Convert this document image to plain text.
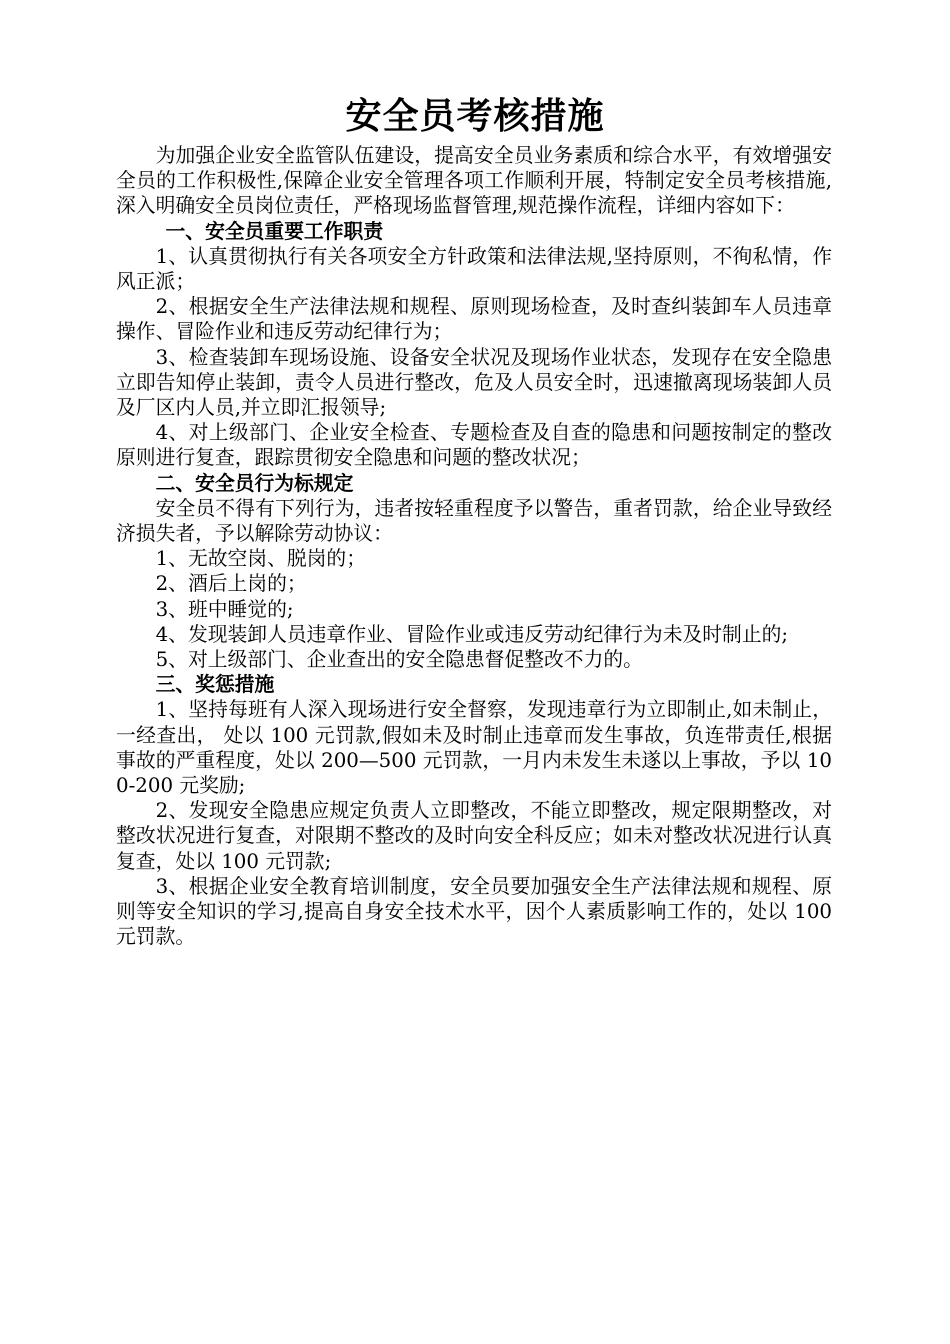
安全员考核措施

为加强企业安全监管队伍建设，提高安全员业务素质和综合水平，有效增强安全员的工作积极性,保障企业安全管理各项工作顺利开展，特制定安全员考核措施,深入明确安全员岗位责任，严格现场监督管理,规范操作流程，详细内容如下：

一、安全员重要工作职责

1、认真贯彻执行有关各项安全方针政策和法律法规,坚持原则，不徇私情，作风正派；

2、根据安全生产法律法规和规程、原则现场检查，及时查纠装卸车人员违章操作、冒险作业和违反劳动纪律行为；

3、检查装卸车现场设施、设备安全状况及现场作业状态，发现存在安全隐患立即告知停止装卸，责令人员进行整改，危及人员安全时，迅速撤离现场装卸人员及厂区内人员,并立即汇报领导;

4、对上级部门、企业安全检查、专题检查及自查的隐患和问题按制定的整改原则进行复查，跟踪贯彻安全隐患和问题的整改状况；

二、安全员行为标规定

安全员不得有下列行为，违者按轻重程度予以警告，重者罚款，给企业导致经济损失者，予以解除劳动协议：

1、无故空岗、脱岗的；

2、酒后上岗的；

3、班中睡觉的;

4、发现装卸人员违章作业、冒险作业或违反劳动纪律行为未及时制止的;

5、对上级部门、企业查出的安全隐患督促整改不力的。

三、奖惩措施

1、坚持每班有人深入现场进行安全督察，发现违章行为立即制止,如未制止，一经查出， 处以 100 元罚款,假如未及时制止违章而发生事故，负连带责任,根据事故的严重程度，处以 200—500 元罚款，一月内未发生未遂以上事故，予以 100-200 元奖励;

2、发现安全隐患应规定负责人立即整改，不能立即整改，规定限期整改，对整改状况进行复查，对限期不整改的及时向安全科反应；如未对整改状况进行认真复查，处以 100 元罚款;

3、根据企业安全教育培训制度，安全员要加强安全生产法律法规和规程、原则等安全知识的学习,提高自身安全技术水平，因个人素质影响工作的，处以 100 元罚款。
